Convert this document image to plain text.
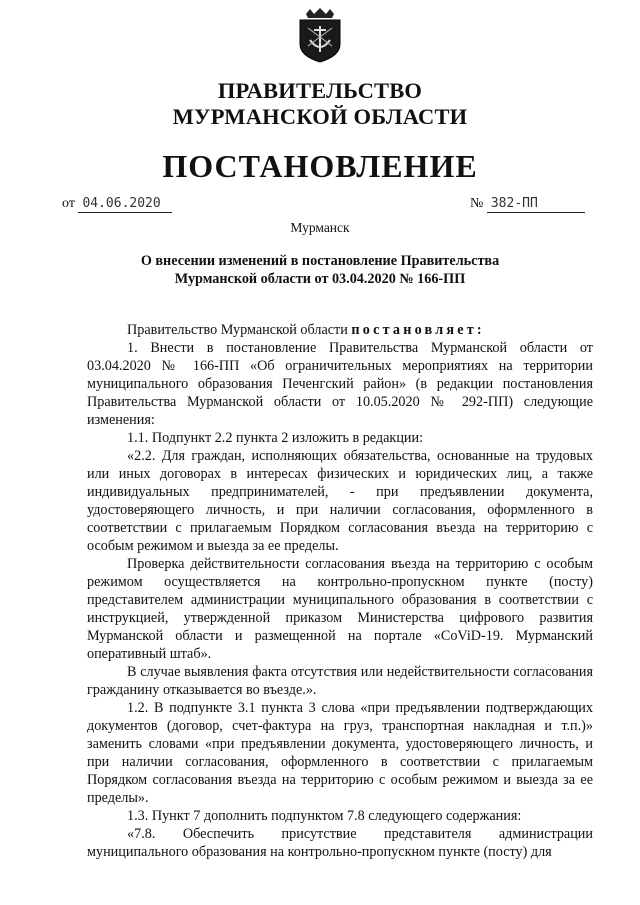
ПРАВИТЕЛЬСТВО
МУРМАНСКОЙ ОБЛАСТИ
ПОСТАНОВЛЕНИЕ
от 04.06.2020	№ 382-ПП
Мурманск
О внесении изменений в постановление Правительства
Мурманской области от 03.04.2020 № 166-ПП

Правительство Мурманской области постановляет:

1. Внести в постановление Правительства Мурманской области от 03.04.2020 № 166-ПП «Об ограничительных мероприятиях на территории муниципального образования Печенгский район» (в редакции постановления Правительства Мурманской области от 10.05.2020 № 292-ПП) следующие изменения:

1.1. Подпункт 2.2 пункта 2 изложить в редакции:

«2.2. Для граждан, исполняющих обязательства, основанные на трудовых или иных договорах в интересах физических и юридических лиц, а также индивидуальных предпринимателей, - при предъявлении документа, удостоверяющего личность, и при наличии согласования, оформленного в соответствии с прилагаемым Порядком согласования въезда на территорию с особым режимом и выезда за ее пределы.

Проверка действительности согласования въезда на территорию с особым режимом осуществляется на контрольно-пропускном пункте (посту) представителем администрации муниципального образования в соответствии с инструкцией, утвержденной приказом Министерства цифрового развития Мурманской области и размещенной на портале «CoViD-19. Мурманский оперативный штаб».

В случае выявления факта отсутствия или недействительности согласования гражданину отказывается во въезде.».

1.2. В подпункте 3.1 пункта 3 слова «при предъявлении подтверждающих документов (договор, счет-фактура на груз, транспортная накладная и т.п.)» заменить словами «при предъявлении документа, удостоверяющего личность, и при наличии согласования, оформленного в соответствии с прилагаемым Порядком согласования въезда на территорию с особым режимом и выезда за ее пределы».

1.3. Пункт 7 дополнить подпунктом 7.8 следующего содержания:

«7.8. Обеспечить присутствие представителя администрации муниципального образования на контрольно-пропускном пункте (посту) для
